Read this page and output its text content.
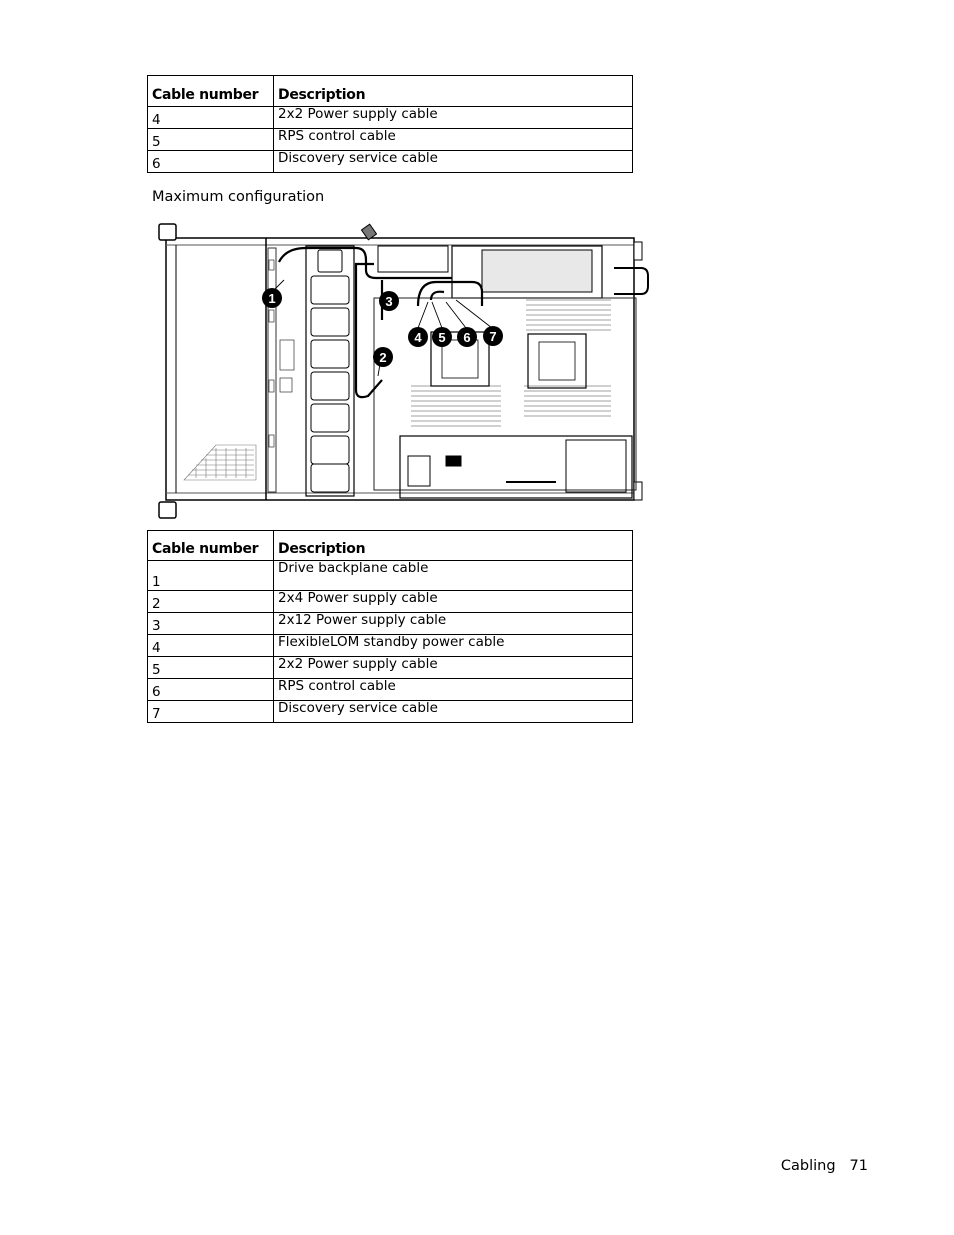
Cable number	Description
4	2x2 Power supply cable
5	RPS control cable
6	Discovery service cable
Maximum configuration
1
2
3
4 5 6 7
Cable number	Description
1	Drive backplane cable
2	2x4 Power supply cable
3	2x12 Power supply cable
4	FlexibleLOM standby power cable
5	2x2 Power supply cable
6	RPS control cable
7	Discovery service cable
Cabling 71
